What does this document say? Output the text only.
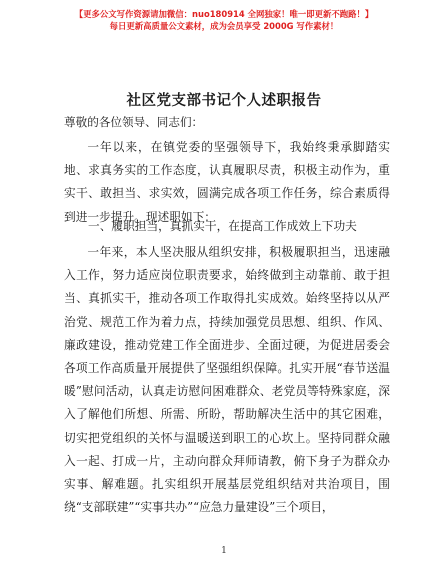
【更多公文写作资源请加微信：nuo180914 全网独家！唯一即更新不跑路！】
每日更新高质量公文素材，成为会员享受 2000G 写作素材！
社区党支部书记个人述职报告
尊敬的各位领导、同志们：

一年以来，在镇党委的坚强领导下，我始终秉承脚踏实地、求真务实的工作态度，认真履职尽责，积极主动作为，重实干、敢担当、求实效，圆满完成各项工作任务，综合素质得到进一步提升。现述职如下：

一、履职担当，真抓实干，在提高工作成效上下功夫

一年来，本人坚决服从组织安排，积极履职担当，迅速融入工作，努力适应岗位职责要求，始终做到主动靠前、敢于担当、真抓实干，推动各项工作取得扎实成效。始终坚持以从严治党、规范工作为着力点，持续加强党员思想、组织、作风、廉政建设，推动党建工作全面进步、全面过硬，为促进居委会各项工作高质量开展提供了坚强组织保障。扎实开展“春节送温暖”慰问活动，认真走访慰问困难群众、老党员等特殊家庭，深入了解他们所想、所需、所盼，帮助解决生活中的其它困难，切实把党组织的关怀与温暖送到职工的心坎上。坚持同群众融入一起、打成一片，主动向群众拜师请教，俯下身子为群众办实事、解难题。扎实组织开展基层党组织结对共治项目，围绕“支部联建”“实事共办”“应急力量建设”三个项目，

1
